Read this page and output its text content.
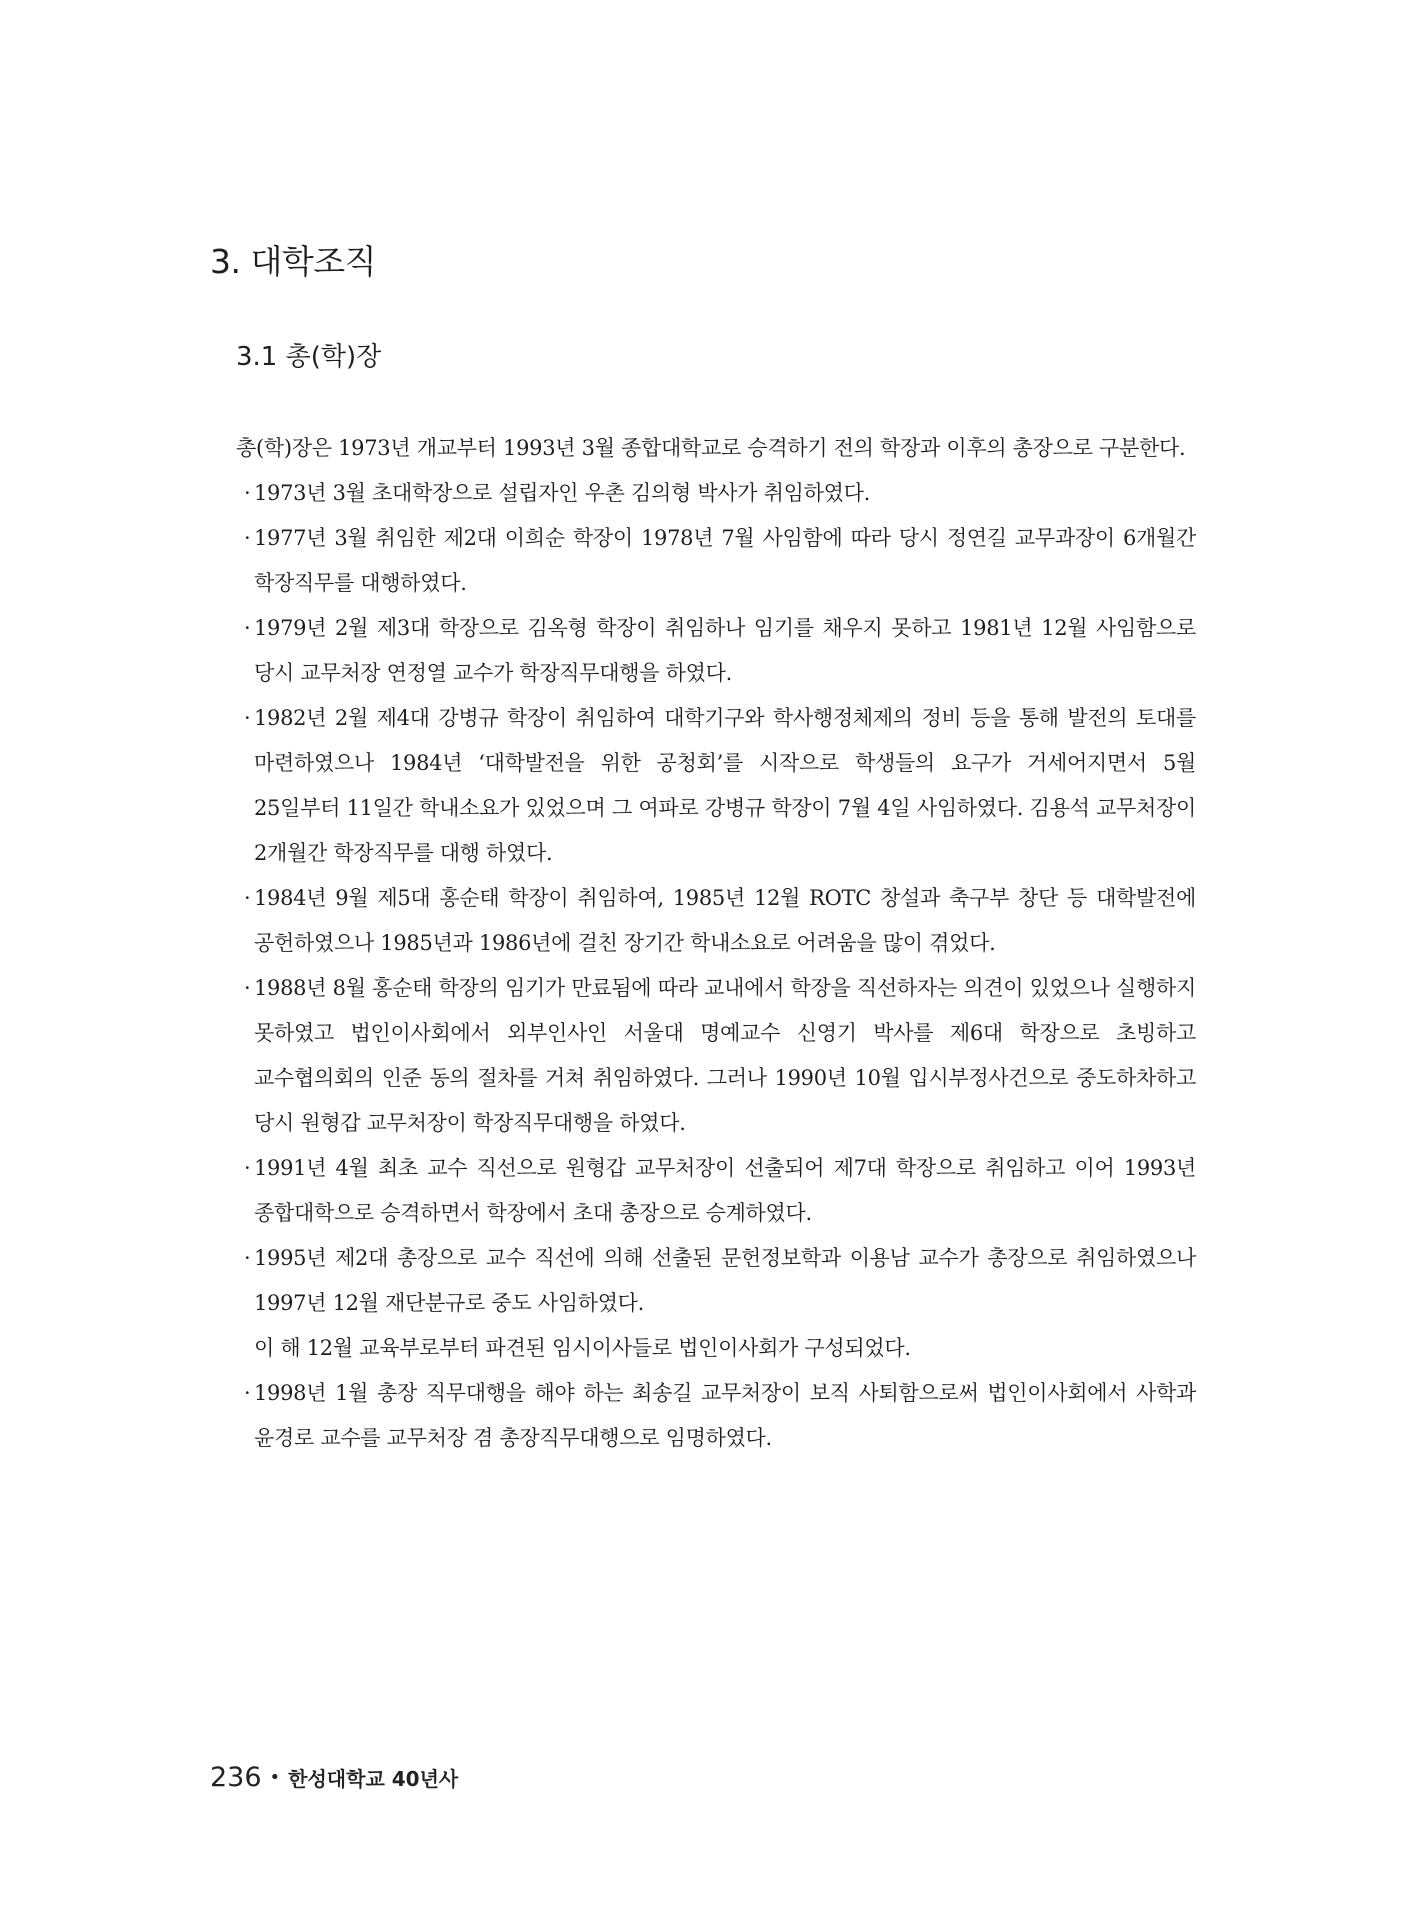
3. 대학조직
3.1 총(학)장

총(학)장은 1973년 개교부터 1993년 3월 종합대학교로 승격하기 전의 학장과 이후의 총장으로 구분한다.

· 1973년 3월 초대학장으로 설립자인 우촌 김의형 박사가 취임하였다.
· 1977년 3월 취임한 제2대 이희순 학장이 1978년 7월 사임함에 따라 당시 정연길 교무과장이 6개월간 학장직무를 대행하였다.
· 1979년 2월 제3대 학장으로 김옥형 학장이 취임하나 임기를 채우지 못하고 1981년 12월 사임함으로 당시 교무처장 연정열 교수가 학장직무대행을 하였다.
· 1982년 2월 제4대 강병규 학장이 취임하여 대학기구와 학사행정체제의 정비 등을 통해 발전의 토대를 마련하였으나 1984년 ‘대학발전을 위한 공청회’를 시작으로 학생들의 요구가 거세어지면서 5월 25일부터 11일간 학내소요가 있었으며 그 여파로 강병규 학장이 7월 4일 사임하였다. 김용석 교무처장이 2개월간 학장직무를 대행 하였다.
· 1984년 9월 제5대 홍순태 학장이 취임하여, 1985년 12월 ROTC 창설과 축구부 창단 등 대학발전에 공헌하였으나 1985년과 1986년에 걸친 장기간 학내소요로 어려움을 많이 겪었다.
· 1988년 8월 홍순태 학장의 임기가 만료됨에 따라 교내에서 학장을 직선하자는 의견이 있었으나 실행하지 못하였고 법인이사회에서 외부인사인 서울대 명예교수 신영기 박사를 제6대 학장으로 초빙하고 교수협의회의 인준 동의 절차를 거쳐 취임하였다. 그러나 1990년 10월 입시부정사건으로 중도하차하고 당시 원형갑 교무처장이 학장직무대행을 하였다.
· 1991년 4월 최초 교수 직선으로 원형갑 교무처장이 선출되어 제7대 학장으로 취임하고 이어 1993년 종합대학으로 승격하면서 학장에서 초대 총장으로 승계하였다.
· 1995년 제2대 총장으로 교수 직선에 의해 선출된 문헌정보학과 이용남 교수가 총장으로 취임하였으나 1997년 12월 재단분규로 중도 사임하였다.
이 해 12월 교육부로부터 파견된 임시이사들로 법인이사회가 구성되었다.
· 1998년 1월 총장 직무대행을 해야 하는 최송길 교무처장이 보직 사퇴함으로써 법인이사회에서 사학과 윤경로 교수를 교무처장 겸 총장직무대행으로 임명하였다.
236 • 한성대학교 40년사
